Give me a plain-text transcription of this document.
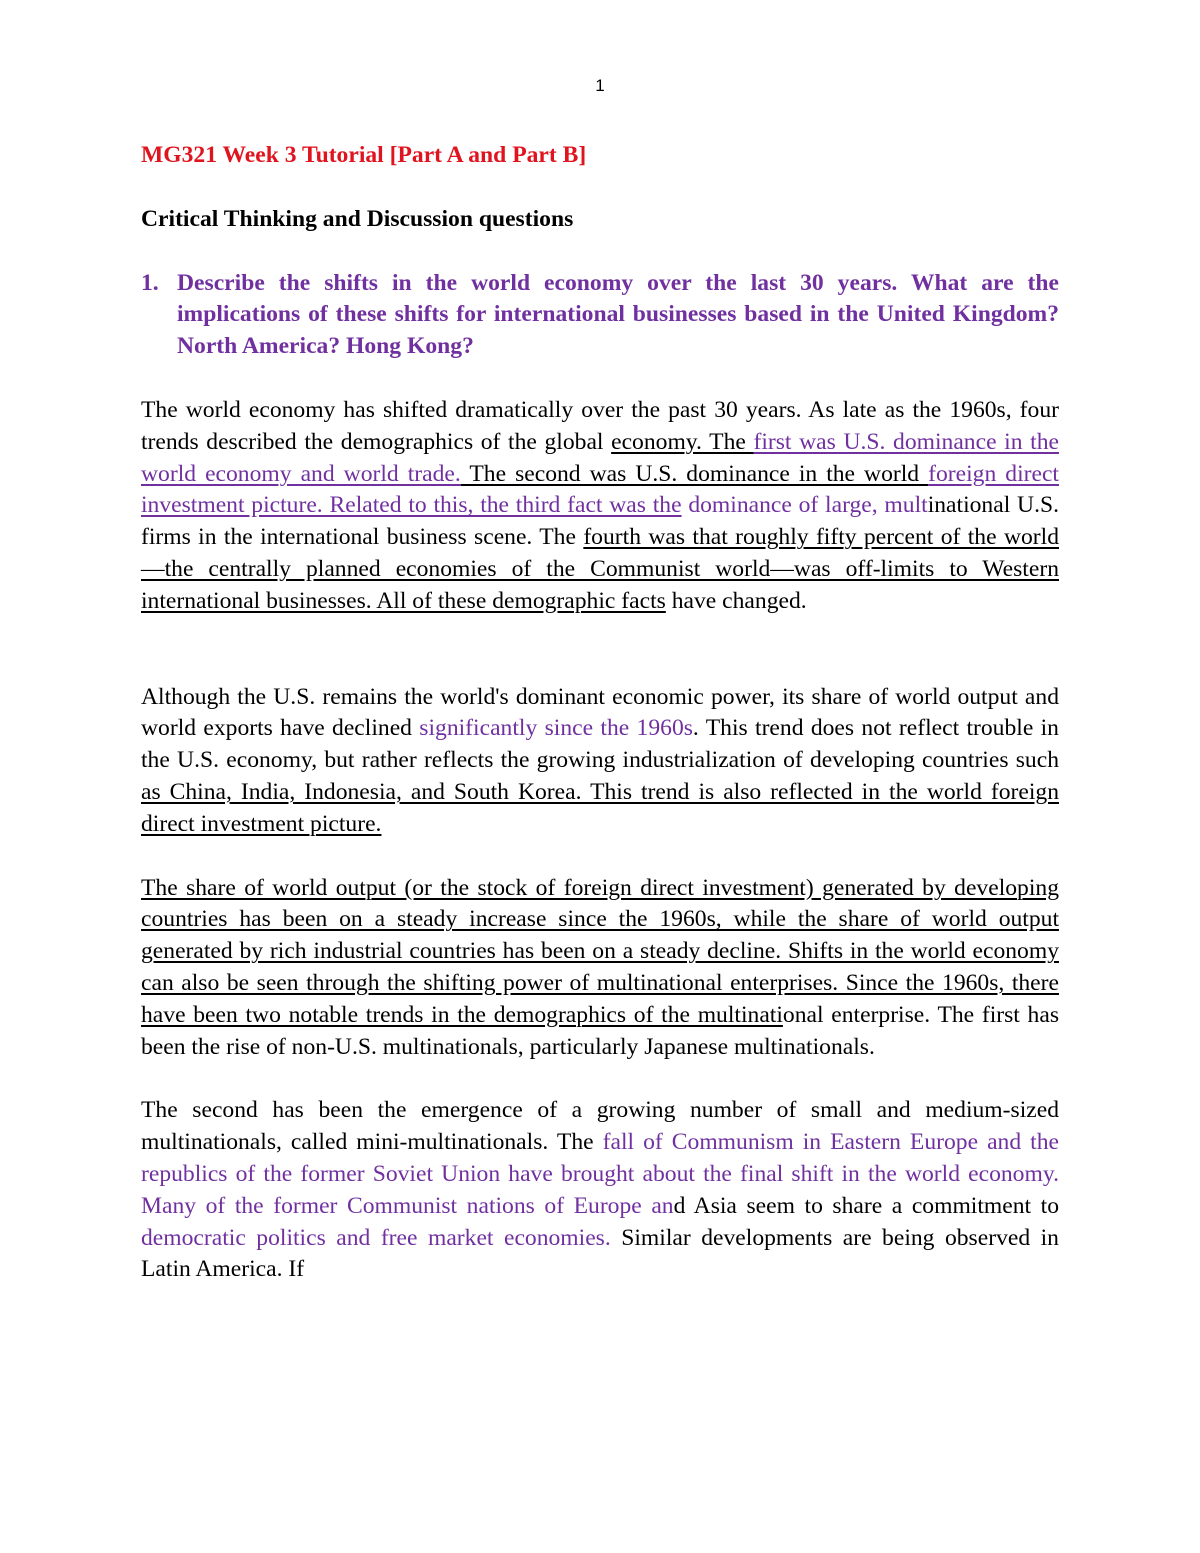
1
MG321 Week 3 Tutorial [Part A and Part B]
Critical Thinking and Discussion questions
1. Describe the shifts in the world economy over the last 30 years. What are the implications of these shifts for international businesses based in the United Kingdom? North America? Hong Kong?

The world economy has shifted dramatically over the past 30 years. As late as the 1960s, four trends described the demographics of the global economy. The first was U.S. dominance in the world economy and world trade. The second was U.S. dominance in the world foreign direct investment picture. Related to this, the third fact was the dominance of large, multinational U.S. firms in the international business scene. The fourth was that roughly fifty percent of the world—the centrally planned economies of the Communist world—was off-limits to Western international businesses. All of these demographic facts have changed.

Although the U.S. remains the world's dominant economic power, its share of world output and world exports have declined significantly since the 1960s. This trend does not reflect trouble in the U.S. economy, but rather reflects the growing industrialization of developing countries such as China, India, Indonesia, and South Korea. This trend is also reflected in the world foreign direct investment picture.

The share of world output (or the stock of foreign direct investment) generated by developing countries has been on a steady increase since the 1960s, while the share of world output generated by rich industrial countries has been on a steady decline. Shifts in the world economy can also be seen through the shifting power of multinational enterprises. Since the 1960s, there have been two notable trends in the demographics of the multinational enterprise. The first has been the rise of non-U.S. multinationals, particularly Japanese multinationals.

The second has been the emergence of a growing number of small and medium-sized multinationals, called mini-multinationals. The fall of Communism in Eastern Europe and the republics of the former Soviet Union have brought about the final shift in the world economy. Many of the former Communist nations of Europe and Asia seem to share a commitment to democratic politics and free market economies. Similar developments are being observed in Latin America. If
